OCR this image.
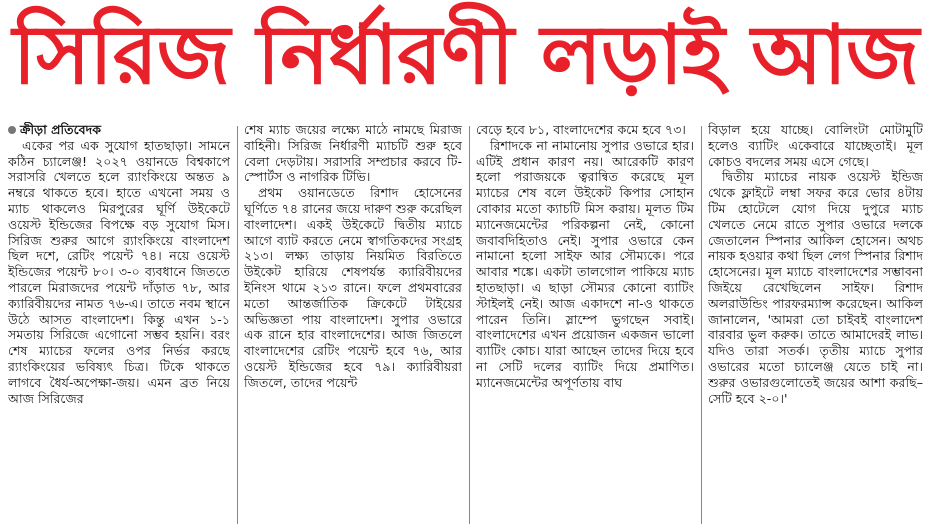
সিরিজ নির্ধারণী লড়াই আজ
ক্রীড়া প্রতিবেদক

একের পর এক সুযোগ হাতছাড়া। সামনে কঠিন চ্যালেঞ্জ! ২০২৭ ওয়ানডে বিশ্বকাপে সরাসরি খেলতে হলে র‌্যাংকিংয়ে অন্তত ৯ নম্বরে থাকতে হবে। হাতে এখনো সময় ও ম্যাচ থাকলেও মিরপুরের ঘূর্ণি উইকেটে ওয়েস্ট ইন্ডিজের বিপক্ষে বড় সুযোগ মিস। সিরিজ শুরুর আগে র‌্যাংকিংয়ে বাংলাদেশ ছিল দশে, রেটিং পয়েন্ট ৭৪। নয়ে ওয়েস্ট ইন্ডিজের পয়েন্ট ৮০। ৩-০ ব্যবধানে জিততে পারলে মিরাজদের পয়েন্ট দাঁড়াত ৭৮, আর ক্যারিবীয়দের নামত ৭৬-এ। তাতে নবম স্থানে উঠে আসত বাংলাদেশ। কিন্তু এখন ১-১ সমতায় সিরিজে এগোনো সম্ভব হয়নি। বরং শেষ ম্যাচের ফলের ওপর নির্ভর করছে র‌্যাংকিংয়ের ভবিষ্যৎ চিত্র। টিকে থাকতে লাগবে ধৈর্য-অপেক্ষা-জয়। এমন ব্রত নিয়ে আজ সিরিজের

শেষ ম্যাচ জয়ের লক্ষ্যে মাঠে নামছে মিরাজ বাহিনী। সিরিজ নির্ধারণী ম্যাচটি শুরু হবে বেলা দেড়টায়। সরাসরি সম্প্রচার করবে টি-স্পোর্টস ও নাগরিক টিভি।

প্রথম ওয়ানডেতে রিশাদ হোসেনের ঘূর্ণিতে ৭৪ রানের জয়ে দারুণ শুরু করেছিল বাংলাদেশ। একই উইকেটে দ্বিতীয় ম্যাচে আগে ব্যাট করতে নেমে স্বাগতিকদের সংগ্রহ ২১৩। লক্ষ্য তাড়ায় নিয়মিত বিরতিতে উইকেট হারিয়ে শেষপর্যন্ত ক্যারিবীয়দের ইনিংস থামে ২১৩ রানে। ফলে প্রথমবারের মতো আন্তর্জাতিক ক্রিকেটে টাইয়ের অভিজ্ঞতা পায় বাংলাদেশ। সুপার ওভারে এক রানে হার বাংলাদেশের। আজ জিতলে বাংলাদেশের রেটিং পয়েন্ট হবে ৭৬, আর ওয়েস্ট ইন্ডিজের হবে ৭৯। ক্যারিবীয়রা জিতলে, তাদের পয়েন্ট

বেড়ে হবে ৮১, বাংলাদেশের কমে হবে ৭৩।

রিশাদকে না নামানোয় সুপার ওভারে হার। এটিই প্রধান কারণ নয়। আরেকটি কারণ হলো পরাজয়কে ত্বরান্বিত করেছে মূল ম্যাচের শেষ বলে উইকেট কিপার সোহান বোকার মতো ক্যাচটি মিস করায়। মূলত টিম ম্যানেজমেন্টের পরিকল্পনা নেই, কোনো জবাবদিহিতাও নেই। সুপার ওভারে কেন নামানো হলো সাইফ আর সৌম্যকে। পরে আবার শঙ্কে। একটা তালগোল পাকিয়ে ম্যাচ হাতছাড়া। এ ছাড়া সৌম্যর কোনো ব্যাটিং স্টাইলই নেই। আজ একাদশে না-ও থাকতে পারেন তিনি। স্লাম্পে ভুগছেন সবাই। বাংলাদেশের এখন প্রয়োজন একজন ভালো ব্যাটিং কোচ। যারা আছেন তাদের দিয়ে হবে না সেটি দলের ব্যাটিং দিয়ে প্রমাণিত। ম্যানেজমেন্টের অপূর্ণতায় বাঘ

বিড়াল হয়ে যাচ্ছে। বোলিংটা মোটামুটি হলেও ব্যাটিং একেবারে যাচ্ছেতাই। মূল কোচও বদলের সময় এসে গেছে।

দ্বিতীয় ম্যাচের নায়ক ওয়েস্ট ইন্ডিজ থেকে ফ্লাইটে লম্বা সফর করে ভোর ৪টায় টিম হোটেলে যোগ দিয়ে দুপুরে ম্যাচ খেলতে নেমে রাতে সুপার ওভারে দলকে জেতালেন স্পিনার আকিল হোসেন। অথচ নায়ক হওয়ার কথা ছিল লেগ স্পিনার রিশাদ হোসেনের। মূল ম্যাচে বাংলাদেশের সম্ভাবনা জিইয়ে রেখেছিলেন সাইফ। রিশাদ অলরাউন্ডিং পারফরম্যান্স করেছেন। আকিল জানালেন, 'আমরা তো চাইবই বাংলাদেশ বারবার ভুল করুক। তাতে আমাদেরই লাভ। যদিও তারা সতর্ক। তৃতীয় ম্যাচে সুপার ওভারের মতো চ্যালেঞ্জ যেতে চাই না। শুরুর ওভারগুলোতেই জয়ের আশা করছি– সেটি হবে ২-০।'
